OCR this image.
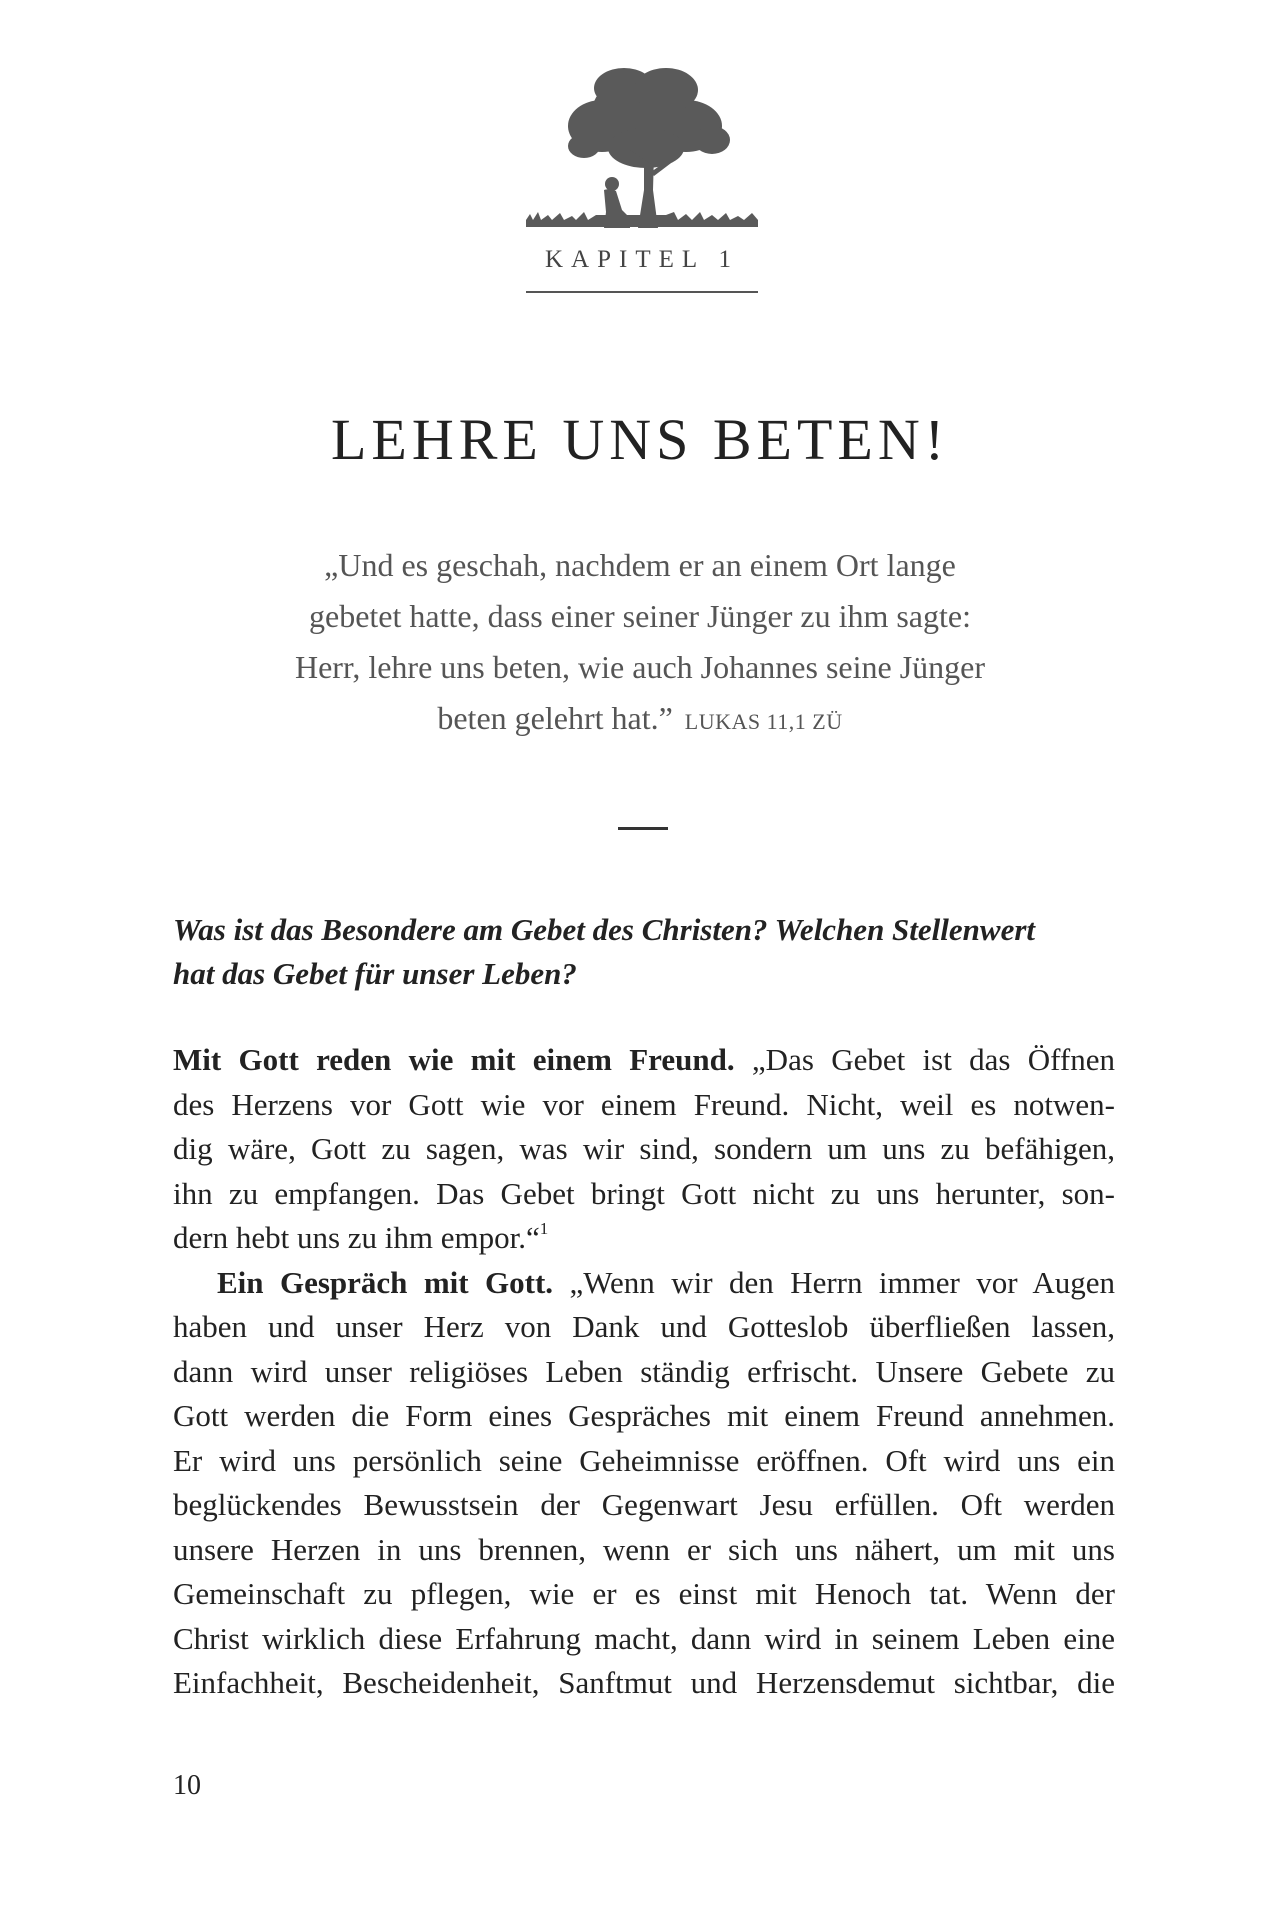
KAPITEL 1
LEHRE UNS BETEN!
„Und es geschah, nachdem er an einem Ort lange
gebetet hatte, dass einer seiner Jünger zu ihm sagte:
Herr, lehre uns beten, wie auch Johannes seine Jünger
beten gelehrt hat.” LUKAS 11,1 ZÜ
Was ist das Besondere am Gebet des Christen? Welchen Stellenwert
hat das Gebet für unser Leben?
Mit Gott reden wie mit einem Freund. „Das Gebet ist das Öffnen
des Herzens vor Gott wie vor einem Freund. Nicht, weil es notwen-
dig wäre, Gott zu sagen, was wir sind, sondern um uns zu befähigen,
ihn zu empfangen. Das Gebet bringt Gott nicht zu uns herunter, son-
dern hebt uns zu ihm empor.“$^1$
Ein Gespräch mit Gott. „Wenn wir den Herrn immer vor Augen
haben und unser Herz von Dank und Gotteslob überfließen lassen,
dann wird unser religiöses Leben ständig erfrischt. Unsere Gebete zu
Gott werden die Form eines Gespräches mit einem Freund annehmen.
Er wird uns persönlich seine Geheimnisse eröffnen. Oft wird uns ein
beglückendes Bewusstsein der Gegenwart Jesu erfüllen. Oft werden
unsere Herzen in uns brennen, wenn er sich uns nähert, um mit uns
Gemeinschaft zu pflegen, wie er es einst mit Henoch tat. Wenn der
Christ wirklich diese Erfahrung macht, dann wird in seinem Leben eine
Einfachheit, Bescheidenheit, Sanftmut und Herzensdemut sichtbar, die
10
